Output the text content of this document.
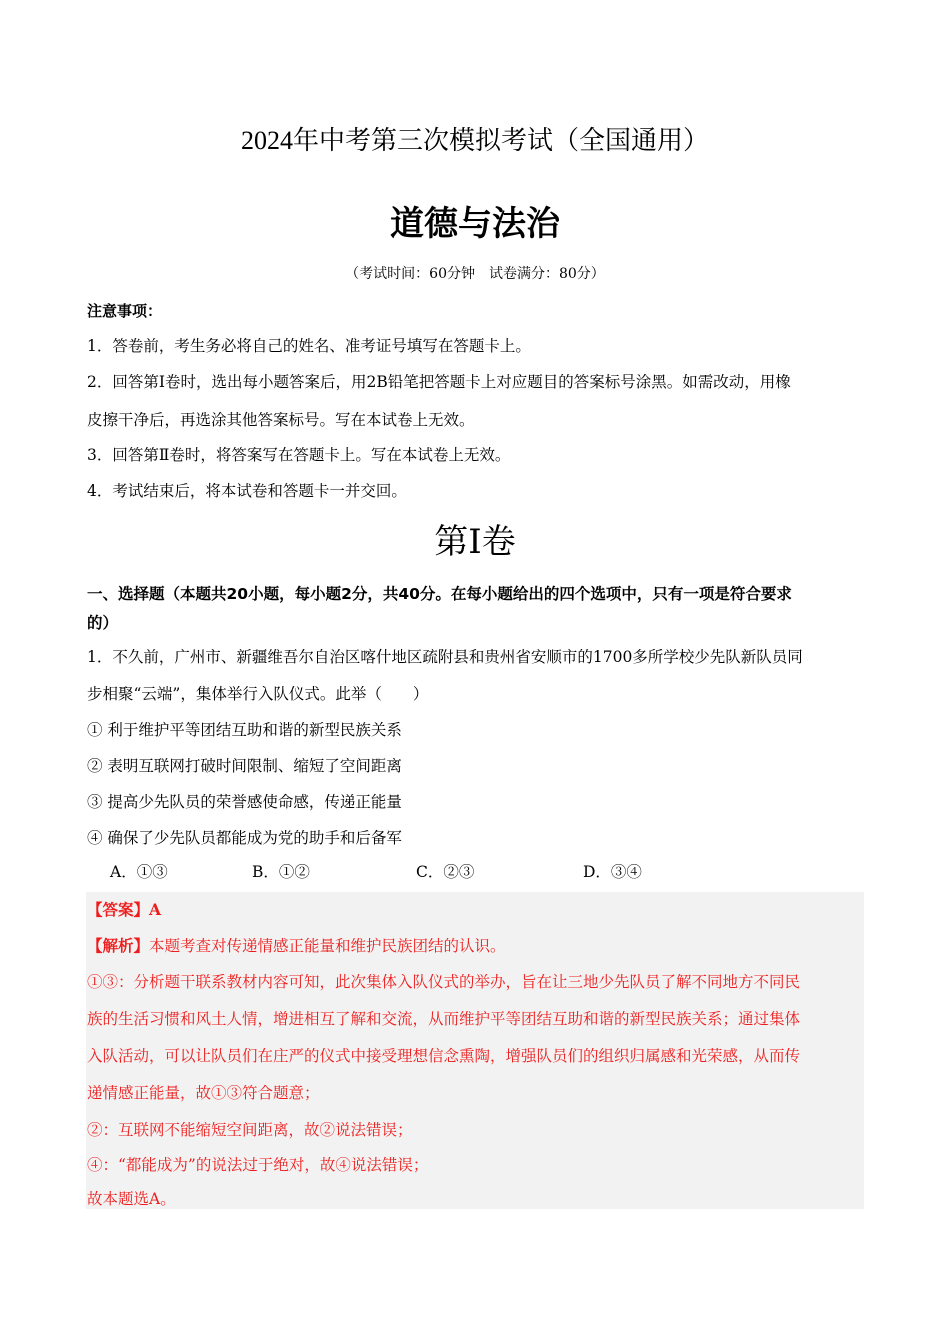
2024年中考第三次模拟考试（全国通用）
道德与法治
（考试时间：60分钟　试卷满分：80分）
注意事项：
1．答卷前，考生务必将自己的姓名、准考证号填写在答题卡上。
2．回答第Ⅰ卷时，选出每小题答案后，用2B铅笔把答题卡上对应题目的答案标号涂黑。如需改动，用橡
皮擦干净后，再选涂其他答案标号。写在本试卷上无效。
3．回答第Ⅱ卷时，将答案写在答题卡上。写在本试卷上无效。
4．考试结束后，将本试卷和答题卡一并交回。
第Ⅰ卷
一、选择题（本题共20小题，每小题2分，共40分。在每小题给出的四个选项中，只有一项是符合要求
的）
1．不久前，广州市、新疆维吾尔自治区喀什地区疏附县和贵州省安顺市的1700多所学校少先队新队员同
步相聚“云端”，集体举行入队仪式。此举（　　）
① 利于维护平等团结互助和谐的新型民族关系
② 表明互联网打破时间限制、缩短了空间距离
③ 提高少先队员的荣誉感使命感，传递正能量
④ 确保了少先队员都能成为党的助手和后备军
A．①③	B．①②	C．②③	D．③④
【答案】A
【解析】本题考查对传递情感正能量和维护民族团结的认识。
①③：分析题干联系教材内容可知，此次集体入队仪式的举办，旨在让三地少先队员了解不同地方不同民
族的生活习惯和风土人情，增进相互了解和交流，从而维护平等团结互助和谐的新型民族关系；通过集体
入队活动，可以让队员们在庄严的仪式中接受理想信念熏陶，增强队员们的组织归属感和光荣感，从而传
递情感正能量，故①③符合题意；
②：互联网不能缩短空间距离，故②说法错误；
④：“都能成为”的说法过于绝对，故④说法错误；
故本题选A。
